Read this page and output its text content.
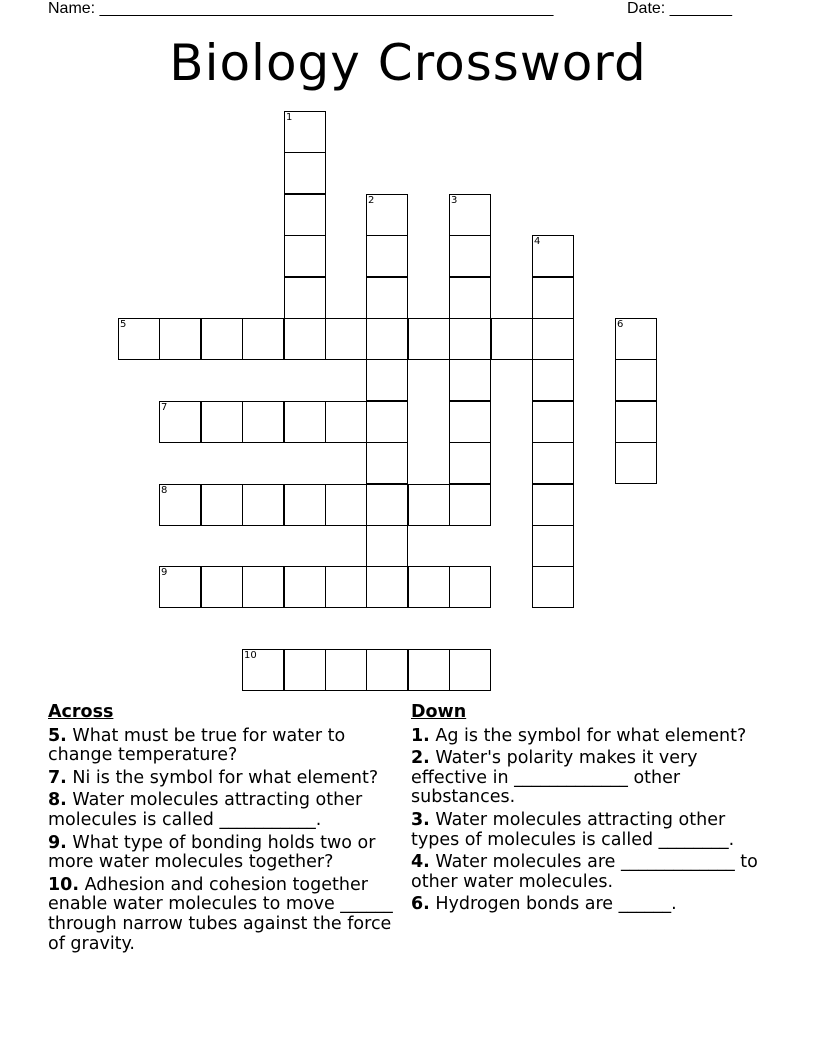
Name: ___________________________________________________	Date: _______
Biology Crossword
1
2	3
4
5	6
7
8
9
10
Across
5. What must be true for water to change temperature?
7. Ni is the symbol for what element?
8. Water molecules attracting other molecules is called ___________.
9. What type of bonding holds two or more water molecules together?
10. Adhesion and cohesion together enable water molecules to move ______ through narrow tubes against the force of gravity.
Down
1. Ag is the symbol for what element?
2. Water's polarity makes it very effective in _____________ other substances.
3. Water molecules attracting other types of molecules is called ________.
4. Water molecules are _____________ to other water molecules.
6. Hydrogen bonds are ______.
